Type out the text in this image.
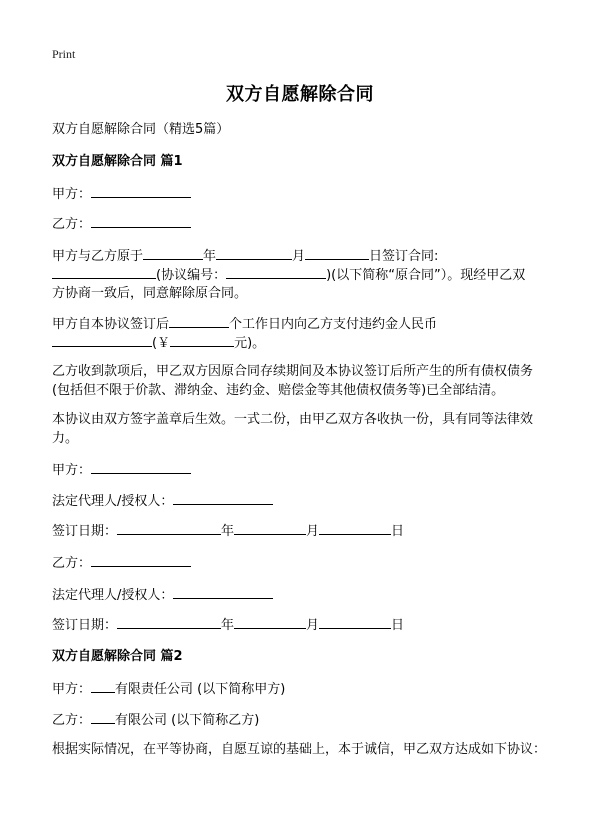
Print
双方自愿解除合同
双方自愿解除合同（精选5篇）
双方自愿解除合同 篇1
甲方：
乙方：
甲方与乙方原于	年	月	日签订合同:
(协议编号：	)(以下简称“原合同”）。现经甲乙双
方协商一致后，同意解除原合同。
甲方自本协议签订后	个工作日内向乙方支付违约金人民币
(￥	元)。
乙方收到款项后，甲乙双方因原合同存续期间及本协议签订后所产生的所有债权债务(包括但不限于价款、滞纳金、违约金、赔偿金等其他债权债务等)已全部结清。
本协议由双方签字盖章后生效。一式二份，由甲乙双方各收执一份，具有同等法律效力。
甲方：
法定代理人/授权人：
签订日期：	年	月	日
乙方：
法定代理人/授权人：
签订日期：	年	月	日
双方自愿解除合同 篇2
甲方： 有限责任公司 (以下简称甲方)
乙方： 有限公司 (以下简称乙方)
根据实际情况，在平等协商，自愿互谅的基础上，本于诚信，甲乙双方达成如下协议：
